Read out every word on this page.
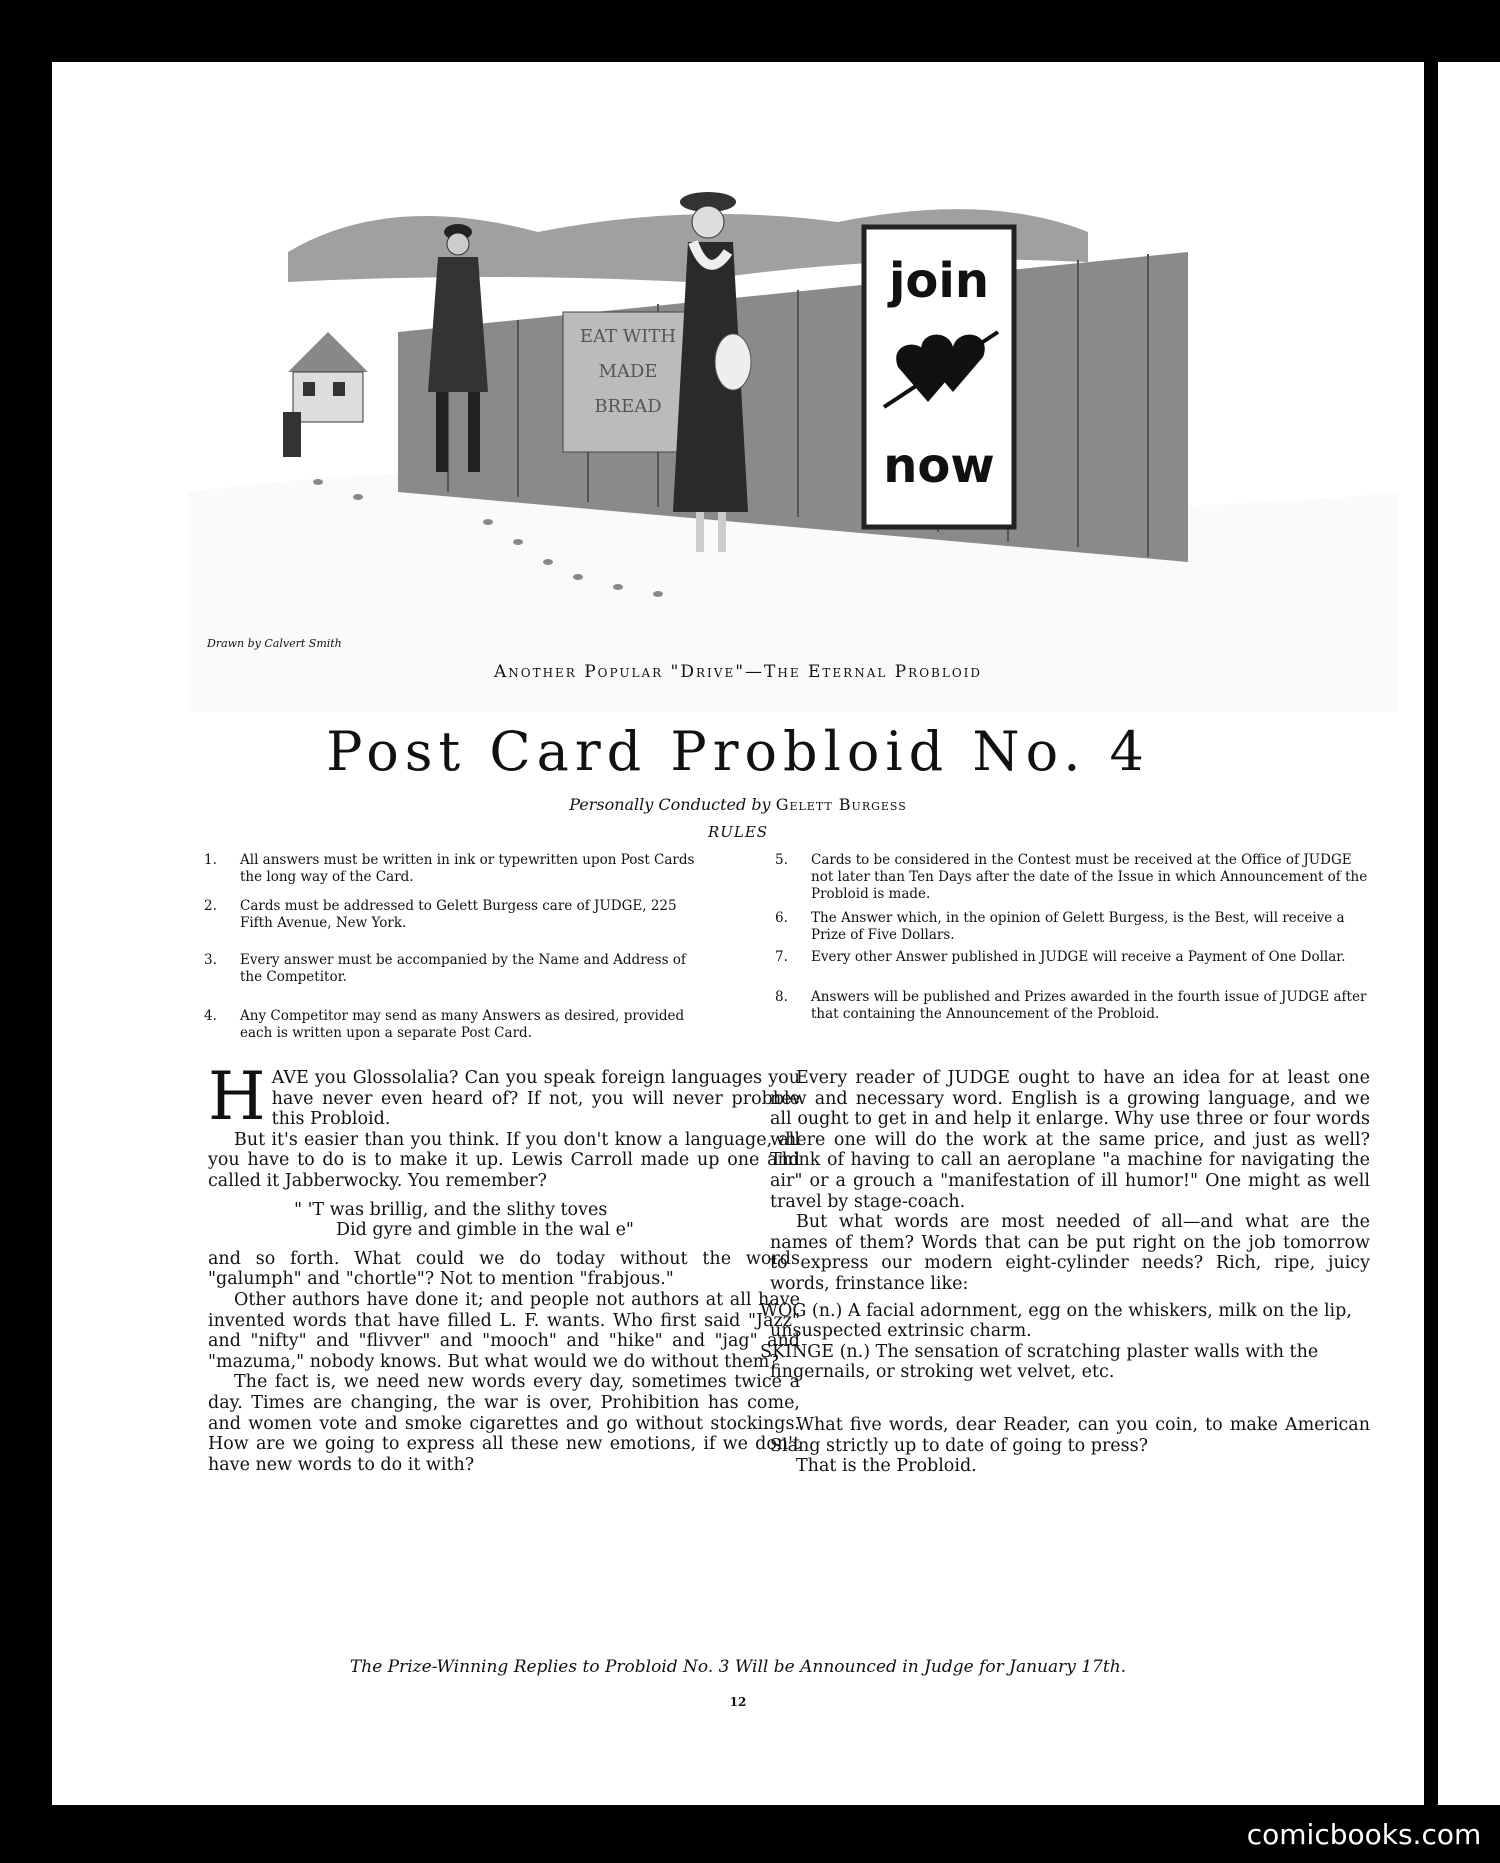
EAT WITH
MADE
BREAD
join
now
Drawn by Calvert Smith
Another Popular "Drive"—The Eternal Probloid
Post Card Probloid No. 4
Personally Conducted by Gelett Burgess
RULES
1.	All answers must be written in ink or typewritten upon Post Cards the long way of the Card.
2.	Cards must be addressed to Gelett Burgess care of JUDGE, 225 Fifth Avenue, New York.
3.	Every answer must be accompanied by the Name and Address of the Competitor.
4.	Any Competitor may send as many Answers as desired, provided each is written upon a separate Post Card.
5.	Cards to be considered in the Contest must be received at the Office of JUDGE not later than Ten Days after the date of the Issue in which Announcement of the Probloid is made.
6.	The Answer which, in the opinion of Gelett Burgess, is the Best, will receive a Prize of Five Dollars.
7.	Every other Answer published in JUDGE will receive a Payment of One Dollar.
8.	Answers will be published and Prizes awarded in the fourth issue of JUDGE after that containing the Announcement of the Probloid.

HAVE you Glossolalia? Can you speak foreign languages you have never even heard of? If not, you will never probble this Probloid.

But it's easier than you think. If you don't know a language, all you have to do is to make it up. Lewis Carroll made up one and called it Jabberwocky. You remember?

" 'T was brillig, and the slithy toves
Did gyre and gimble in the wal e"

and so forth. What could we do today without the words "galumph" and "chortle"? Not to mention "frabjous."

Other authors have done it; and people not authors at all have invented words that have filled L. F. wants. Who first said "Jazz" and "nifty" and "flivver" and "mooch" and "hike" and "jag" and "mazuma," nobody knows. But what would we do without them?

The fact is, we need new words every day, sometimes twice a day. Times are changing, the war is over, Prohibition has come, and women vote and smoke cigarettes and go without stockings. How are we going to express all these new emotions, if we don't have new words to do it with?

Every reader of JUDGE ought to have an idea for at least one new and necessary word. English is a growing language, and we all ought to get in and help it enlarge. Why use three or four words where one will do the work at the same price, and just as well? Think of having to call an aeroplane "a machine for navigating the air" or a grouch a "manifestation of ill humor!" One might as well travel by stage-coach.

But what words are most needed of all—and what are the names of them? Words that can be put right on the job tomorrow to express our modern eight-cylinder needs? Rich, ripe, juicy words, frinstance like:

WOG (n.) A facial adornment, egg on the whiskers, milk on the lip, unsuspected extrinsic charm.

SKINGE (n.) The sensation of scratching plaster walls with the fingernails, or stroking wet velvet, etc.

What five words, dear Reader, can you coin, to make American Slang strictly up to date of going to press?

That is the Probloid.

The Prize-Winning Replies to Probloid No. 3 Will be Announced in Judge for January 17th.
12
comicbooks.com
